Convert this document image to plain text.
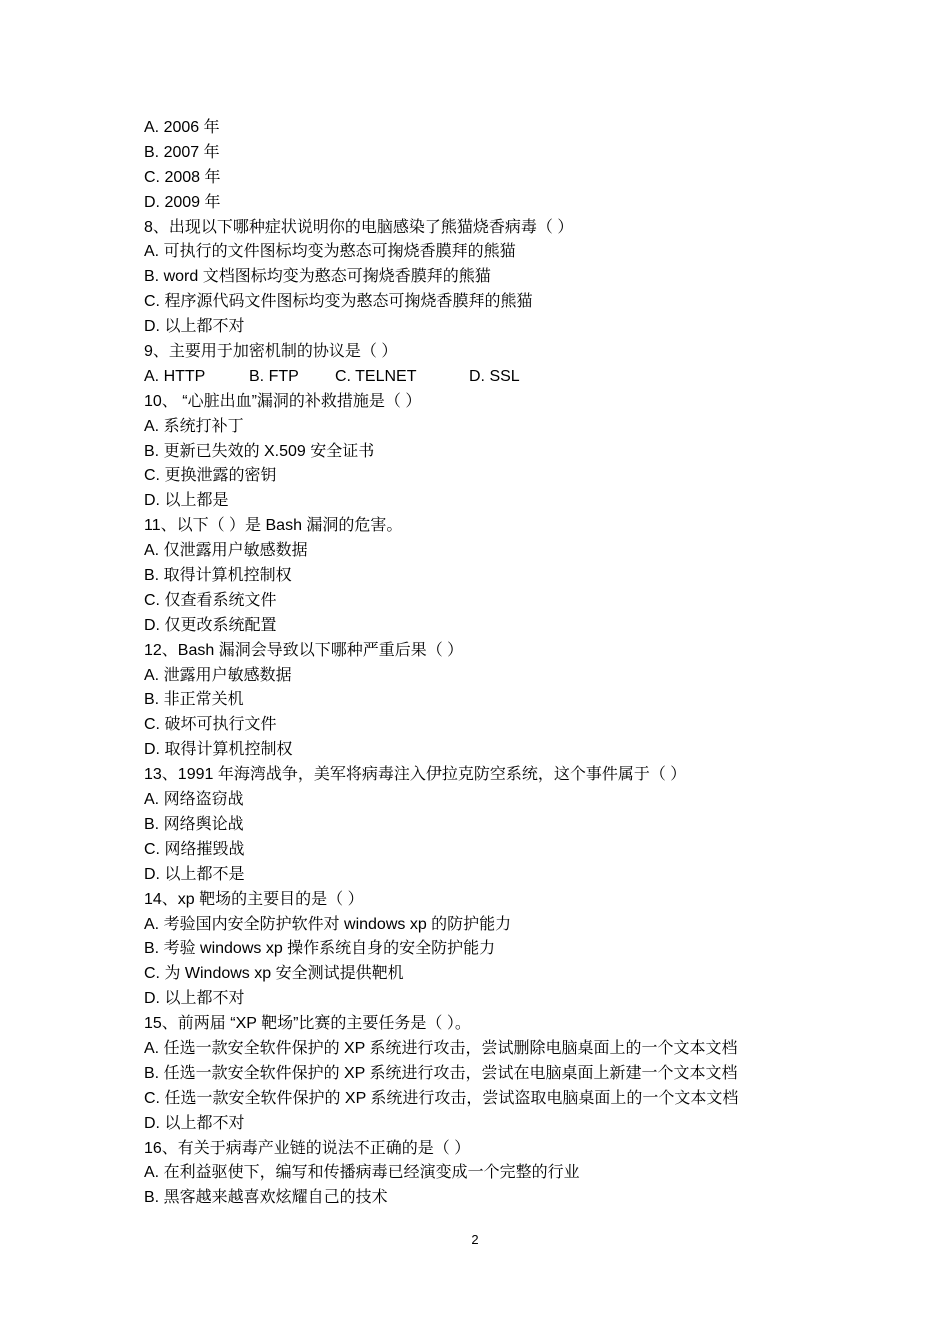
A. 2006 年
B. 2007 年
C. 2008 年
D. 2009 年
8、出现以下哪种症状说明你的电脑感染了熊猫烧香病毒（ ）
A. 可执行的文件图标均变为憨态可掬烧香膜拜的熊猫
B. word 文档图标均变为憨态可掬烧香膜拜的熊猫
C. 程序源代码文件图标均变为憨态可掬烧香膜拜的熊猫
D. 以上都不对
9、主要用于加密机制的协议是（ ）
A. HTTP	B. FTP	C. TELNET	D. SSL
10、 “心脏出血”漏洞的补救措施是（ ）
A. 系统打补丁
B. 更新已失效的 X.509 安全证书
C. 更换泄露的密钥
D. 以上都是
11、以下（ ）是 Bash 漏洞的危害。
A. 仅泄露用户敏感数据
B. 取得计算机控制权
C. 仅查看系统文件
D. 仅更改系统配置
12、Bash 漏洞会导致以下哪种严重后果（ ）
A. 泄露用户敏感数据
B. 非正常关机
C. 破坏可执行文件
D. 取得计算机控制权
13、1991 年海湾战争，美军将病毒注入伊拉克防空系统，这个事件属于（ ）
A. 网络盗窃战
B. 网络舆论战
C. 网络摧毁战
D. 以上都不是
14、xp 靶场的主要目的是（ ）
A. 考验国内安全防护软件对 windows xp 的防护能力
B. 考验 windows xp 操作系统自身的安全防护能力
C. 为 Windows xp 安全测试提供靶机
D. 以上都不对
15、前两届 “XP 靶场”比赛的主要任务是（ ）。
A. 任选一款安全软件保护的 XP 系统进行攻击，尝试删除电脑桌面上的一个文本文档
B. 任选一款安全软件保护的 XP 系统进行攻击，尝试在电脑桌面上新建一个文本文档
C. 任选一款安全软件保护的 XP 系统进行攻击，尝试盗取电脑桌面上的一个文本文档
D. 以上都不对
16、有关于病毒产业链的说法不正确的是（ ）
A. 在利益驱使下，编写和传播病毒已经演变成一个完整的行业
B. 黑客越来越喜欢炫耀自己的技术
2
